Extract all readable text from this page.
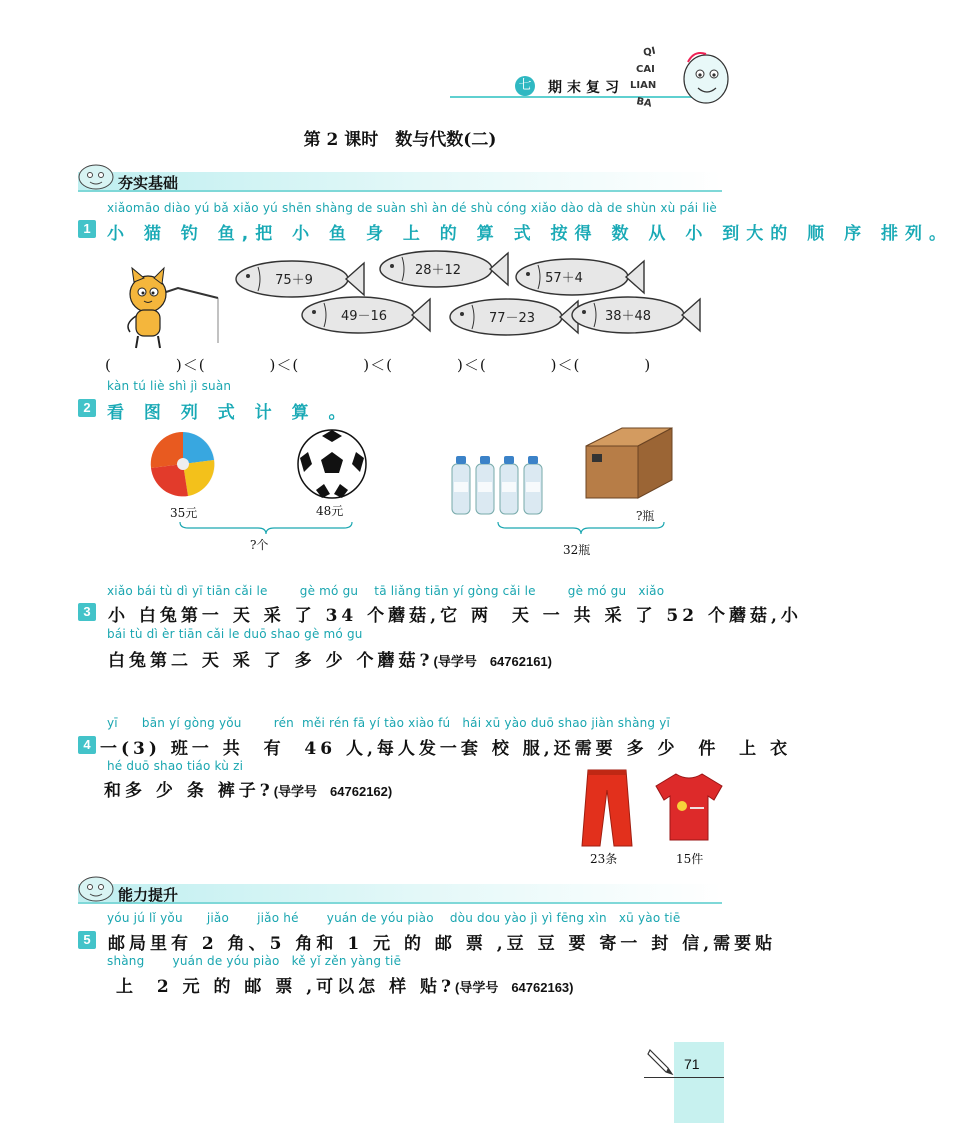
七 期末复习
QI
CAI
LIAN
BA
第 2 课时　数与代数(二)
夯实基础
xiǎomāo diào yú bǎ xiǎo yú shēn shàng de suàn shì àn dé shù cóng xiǎo dào dà de shùn xù pái liè
1 小 猫 钓 鱼,把 小 鱼 身 上 的 算 式 按得 数 从 小 到大的 顺 序 排列。
75＋9
28＋12
57＋4
49－16	77－23	38＋48
(　　　　)＜(　　　　)＜(　　　　)＜(　　　　)＜(　　　　)＜(　　　　)
kàn tú liè shì jì suàn
2 看 图 列 式 计 算 。
35元	48元
?个
?瓶
32瓶
xiǎo bái tù dì yī tiān cǎi le        gè mó gu    tā liǎng tiān yí gòng cǎi le        gè mó gu   xiǎo
3	小 白兔第一 天 采 了 34 个蘑菇,它 两  天 一 共 采 了 52 个蘑菇,小
bái tù dì èr tiān cǎi le duō shao gè mó gu
白兔第二 天 采 了 多 少 个蘑菇?(导学号　64762161)
yī      bān yí gòng yǒu        rén  měi rén fā yí tào xiào fú   hái xū yào duō shao jiàn shàng yī
4 一(3) 班一 共  有  46 人,每人发一套 校 服,还需要 多 少  件  上 衣
hé duō shao tiáo kù zi
和多 少 条 裤子?(导学号　64762162)
23条	15件
能力提升
yóu jú lǐ yǒu      jiǎo       jiǎo hé       yuán de yóu piào    dòu dou yào jì yì fēng xìn   xū yào tiē
5	邮局里有 2 角、5 角和 1 元 的 邮 票 ,豆 豆 要 寄一 封 信,需要贴
shàng       yuán de yóu piào   kě yǐ zěn yàng tiē
上  2 元 的 邮 票 ,可以怎 样 贴?(导学号　64762163)
71
